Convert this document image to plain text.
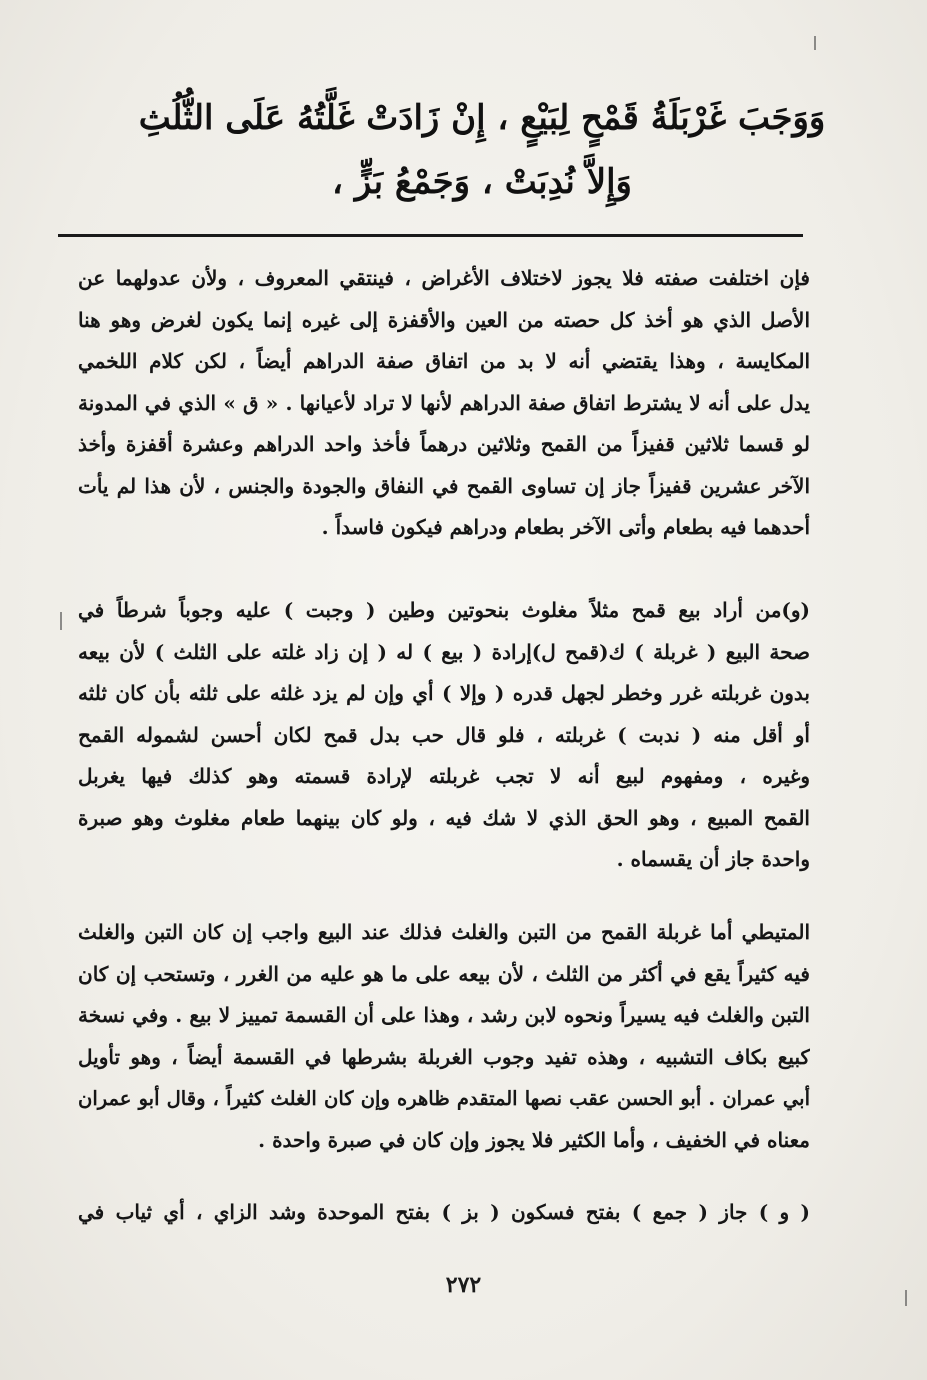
وَوَجَبَ غَرْبَلَةُ قَمْحٍ لِبَيْعٍ ، إِنْ زَادَتْ غَلَّتُهُ عَلَى الثُّلُثِ
وَإِلاَّ نُدِبَتْ ، وَجَمْعُ بَزٍّ ،
فإن اختلفت صفته فلا يجوز لاختلاف الأغراض ، فينتقي المعروف ، ولأن عدولهما عن
الأصل الذي هو أخذ كل حصته من العين والأقفزة إلى غيره إنما يكون لغرض وهو هنا
المكايسة ، وهذا يقتضي أنه لا بد من اتفاق صفة الدراهم أيضاً ، لكن كلام اللخمي
يدل على أنه لا يشترط اتفاق صفة الدراهم لأنها لا تراد لأعيانها . « ق » الذي في المدونة
لو قسما ثلاثين قفيزاً من القمح وثلاثين درهماً فأخذ واحد الدراهم وعشرة أقفزة وأخذ
الآخر عشرين قفيزاً جاز إن تساوى القمح في النفاق والجودة والجنس ، لأن هذا لم يأت
أحدهما فيه بطعام وأتى الآخر بطعام ودراهم فيكون فاسداً .
(و)من أراد بيع قمح مثلاً مغلوث بنحوتين وطين ( وجبت ) عليه وجوباً شرطاً في
صحة البيع ( غربلة ) ك(قمح ل)إرادة ( بيع ) له ( إن زاد غلته على الثلث ) لأن بيعه
بدون غربلته غرر وخطر لجهل قدره ( وإلا ) أي وإن لم يزد غلثه على ثلثه بأن كان ثلثه
أو أقل منه ( ندبت ) غربلته ، فلو قال حب بدل قمح لكان أحسن لشموله القمح
وغيره ، ومفهوم لبيع أنه لا تجب غربلته لإرادة قسمته وهو كذلك فيها يغربل
القمح المبيع ، وهو الحق الذي لا شك فيه ، ولو كان بينهما طعام مغلوث وهو صبرة
واحدة جاز أن يقسماه .
المتيطي أما غربلة القمح من التبن والغلث فذلك عند البيع واجب إن كان التبن والغلث
فيه كثيراً يقع في أكثر من الثلث ، لأن بيعه على ما هو عليه من الغرر ، وتستحب إن كان
التبن والغلث فيه يسيراً ونحوه لابن رشد ، وهذا على أن القسمة تمييز لا بيع . وفي نسخة
كبيع بكاف التشبيه ، وهذه تفيد وجوب الغربلة بشرطها في القسمة أيضاً ، وهو تأويل
أبي عمران . أبو الحسن عقب نصها المتقدم ظاهره وإن كان الغلث كثيراً ، وقال أبو عمران
معناه في الخفيف ، وأما الكثير فلا يجوز وإن كان في صبرة واحدة .
( و ) جاز ( جمع ) بفتح فسكون ( بز ) بفتح الموحدة وشد الزاي ، أي ثياب في
٢٧٢
